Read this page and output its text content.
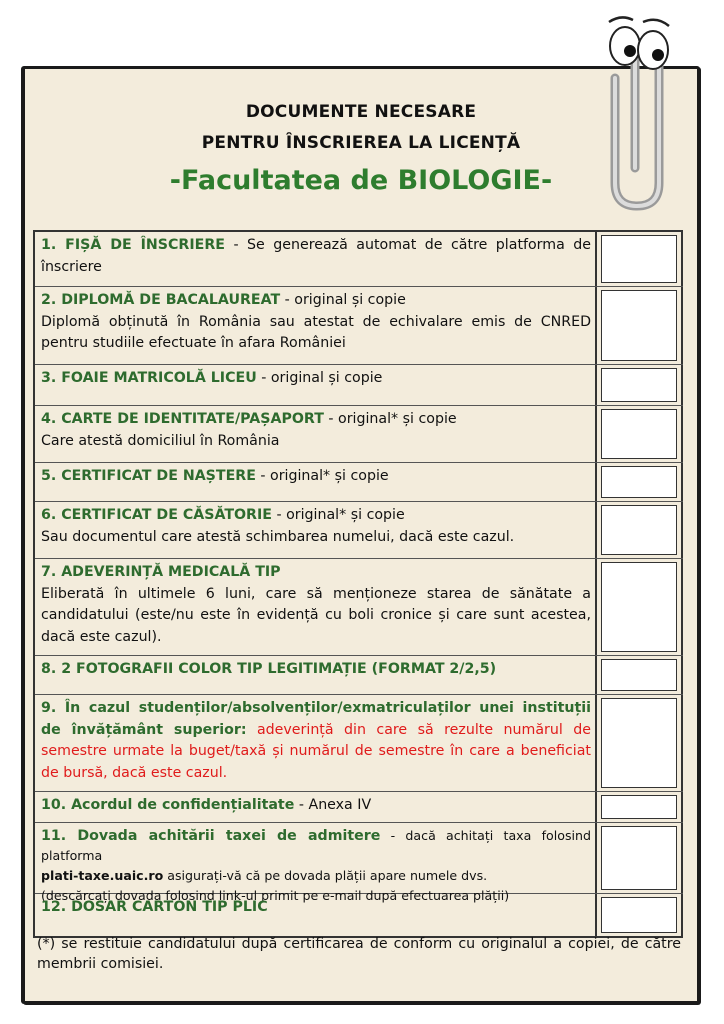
DOCUMENTE NECESARE
PENTRU ÎNSCRIEREA LA LICENȚĂ
-Facultatea de BIOLOGIE-
1. FIȘĂ DE ÎNSCRIERE - Se generează automat de către platforma de înscriere
2. DIPLOMĂ DE BACALAUREAT - original și copie
Diplomă obținută în România sau atestat de echivalare emis de CNRED pentru studiile efectuate în afara României
3. FOAIE MATRICOLĂ LICEU - original și copie
4. CARTE DE IDENTITATE/PAȘAPORT - original* și copie
Care atestă domiciliul în România
5. CERTIFICAT DE NAȘTERE - original* și copie
6. CERTIFICAT DE CĂSĂTORIE - original* și copie
Sau documentul care atestă schimbarea numelui, dacă este cazul.
7. ADEVERINȚĂ MEDICALĂ TIP
Eliberată în ultimele 6 luni, care să menționeze starea de sănătate a candidatului (este/nu este în evidență cu boli cronice și care sunt acestea, dacă este cazul).
8. 2 FOTOGRAFII COLOR TIP LEGITIMAȚIE (FORMAT 2/2,5)
9. În cazul studenților/absolvenților/exmatriculaților unei instituții de învățământ superior: adeverință din care să rezulte numărul de semestre urmate la buget/taxă și numărul de semestre în care a beneficiat de bursă, dacă este cazul.
10. Acordul de confidențialitate - Anexa IV
11. Dovada achitării taxei de admitere - dacă achitați taxa folosind platforma
plati-taxe.uaic.ro asigurați-vă că pe dovada plății apare numele dvs.
(descărcați dovada folosind link-ul primit pe e-mail după efectuarea plății)
12. DOSAR CARTON TIP PLIC
(*) se restituie candidatului după certificarea de conform cu originalul a copiei, de către membrii comisiei.
